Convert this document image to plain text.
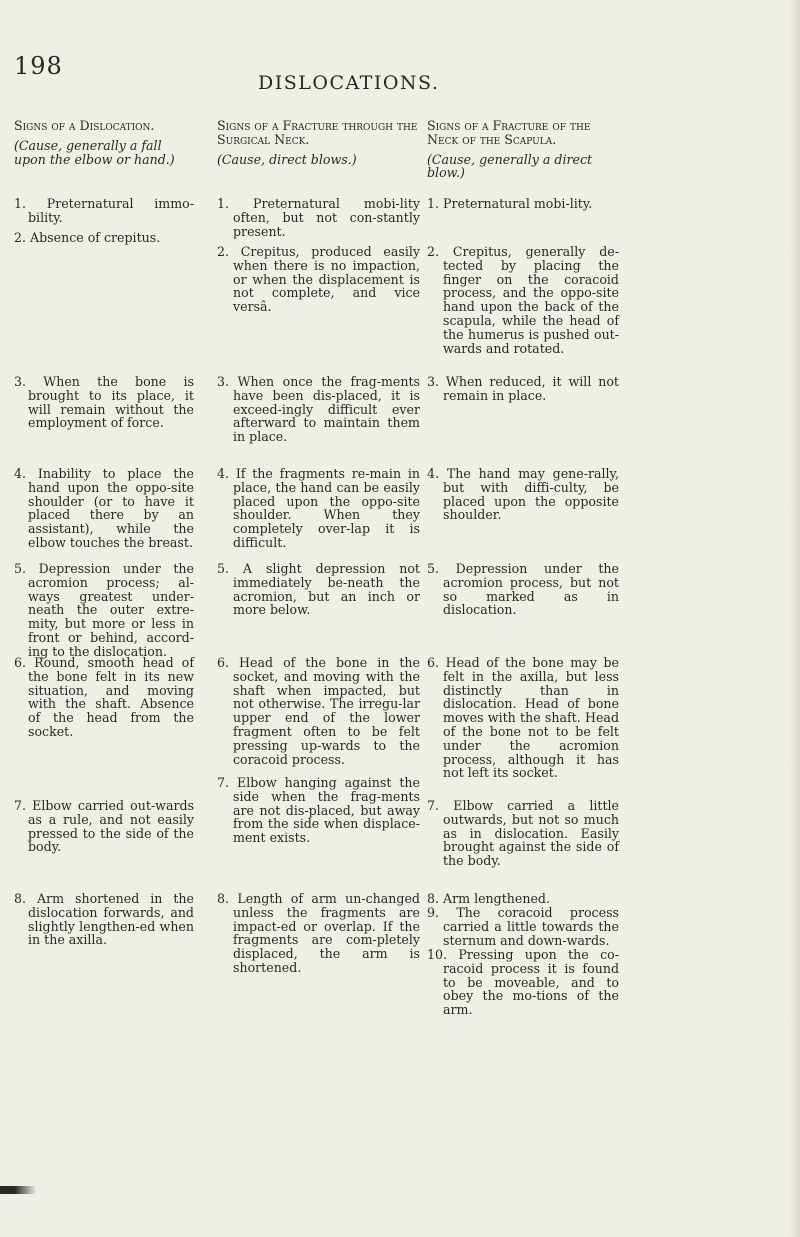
198
DISLOCATIONS.
Signs of a Dislocation.
(Cause, generally a fall upon the elbow or hand.)
1. Preternatural immo-bility.
2. Absence of crepitus.
3. When the bone is brought to its place, it will remain without the employment of force.
4. Inability to place the hand upon the oppo-site shoulder (or to have it placed there by an assistant), while the elbow touches the breast.
5. Depression under the acromion process; al-ways greatest under-neath the outer extre-mity, but more or less in front or behind, accord-ing to the dislocation.
6. Round, smooth head of the bone felt in its new situation, and moving with the shaft. Absence of the head from the socket.
7. Elbow carried out-wards as a rule, and not easily pressed to the side of the body.
8. Arm shortened in the dislocation forwards, and slightly lengthen-ed when in the axilla.
Signs of a Fracture through the Surgical Neck.
(Cause, direct blows.)
1. Preternatural mobi-lity often, but not con-stantly present.
2. Crepitus, produced easily when there is no impaction, or when the displacement is not complete, and vice versâ.
3. When once the frag-ments have been dis-placed, it is exceed-ingly difficult ever afterward to maintain them in place.
4. If the fragments re-main in place, the hand can be easily placed upon the oppo-site shoulder. When they completely over-lap it is difficult.
5. A slight depression not immediately be-neath the acromion, but an inch or more below.
6. Head of the bone in the socket, and moving with the shaft when impacted, but not otherwise. The irregu-lar upper end of the lower fragment often to be felt pressing up-wards to the coracoid process.
7. Elbow hanging against the side when the frag-ments are not dis-placed, but away from the side when displace-ment exists.
8. Length of arm un-changed unless the fragments are impact-ed or overlap. If the fragments are com-pletely displaced, the arm is shortened.
Signs of a Fracture of the Neck of the Scapula.
(Cause, generally a direct blow.)
1. Preternatural mobi-lity.
2. Crepitus, generally de-tected by placing the finger on the coracoid process, and the oppo-site hand upon the back of the scapula, while the head of the humerus is pushed out-wards and rotated.
3. When reduced, it will not remain in place.
4. The hand may gene-rally, but with diffi-culty, be placed upon the opposite shoulder.
5. Depression under the acromion process, but not so marked as in dislocation.
6. Head of the bone may be felt in the axilla, but less distinctly than in dislocation. Head of bone moves with the shaft. Head of the bone not to be felt under the acromion process, although it has not left its socket.
7. Elbow carried a little outwards, but not so much as in dislocation. Easily brought against the side of the body.
8. Arm lengthened.
9. The coracoid process carried a little towards the sternum and down-wards.
10. Pressing upon the co-racoid process it is found to be moveable, and to obey the mo-tions of the arm.
